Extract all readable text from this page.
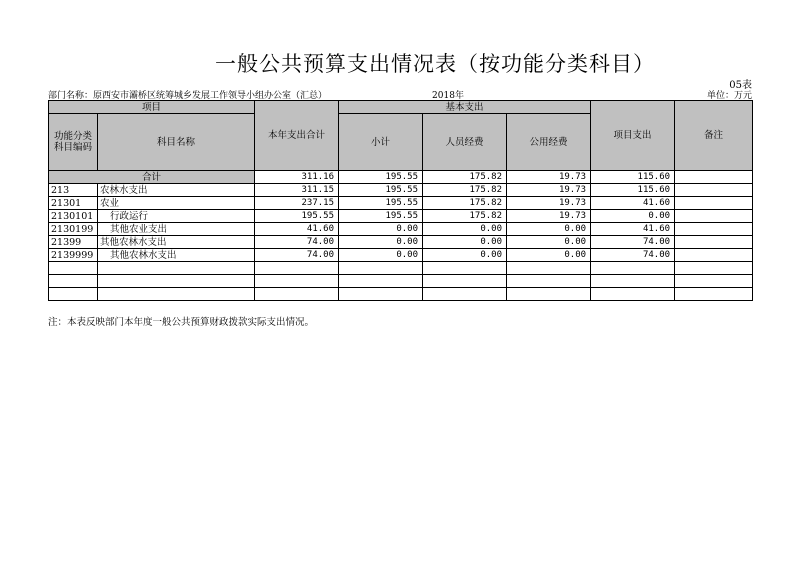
一般公共预算支出情况表（按功能分类科目）
05表
部门名称：原西安市灞桥区统筹城乡发展工作领导小组办公室（汇总）	2018年	单位：万元
项目		本年支出合计	基本支出			项目支出	备注
功能分类科目编码	科目名称		小计	人员经费	公用经费		

合计		311.16	195.55	175.82	19.73	115.60	
213	农林水支出	311.15	195.55	175.82	19.73	115.60	
21301	农业	237.15	195.55	175.82	19.73	41.60	
2130101	行政运行	195.55	195.55	175.82	19.73	0.00	
2130199	其他农业支出	41.60	0.00	0.00	0.00	41.60	
21399	其他农林水支出	74.00	0.00	0.00	0.00	74.00	
2139999	其他农林水支出	74.00	0.00	0.00	0.00	74.00	

注：本表反映部门本年度一般公共预算财政拨款实际支出情况。
